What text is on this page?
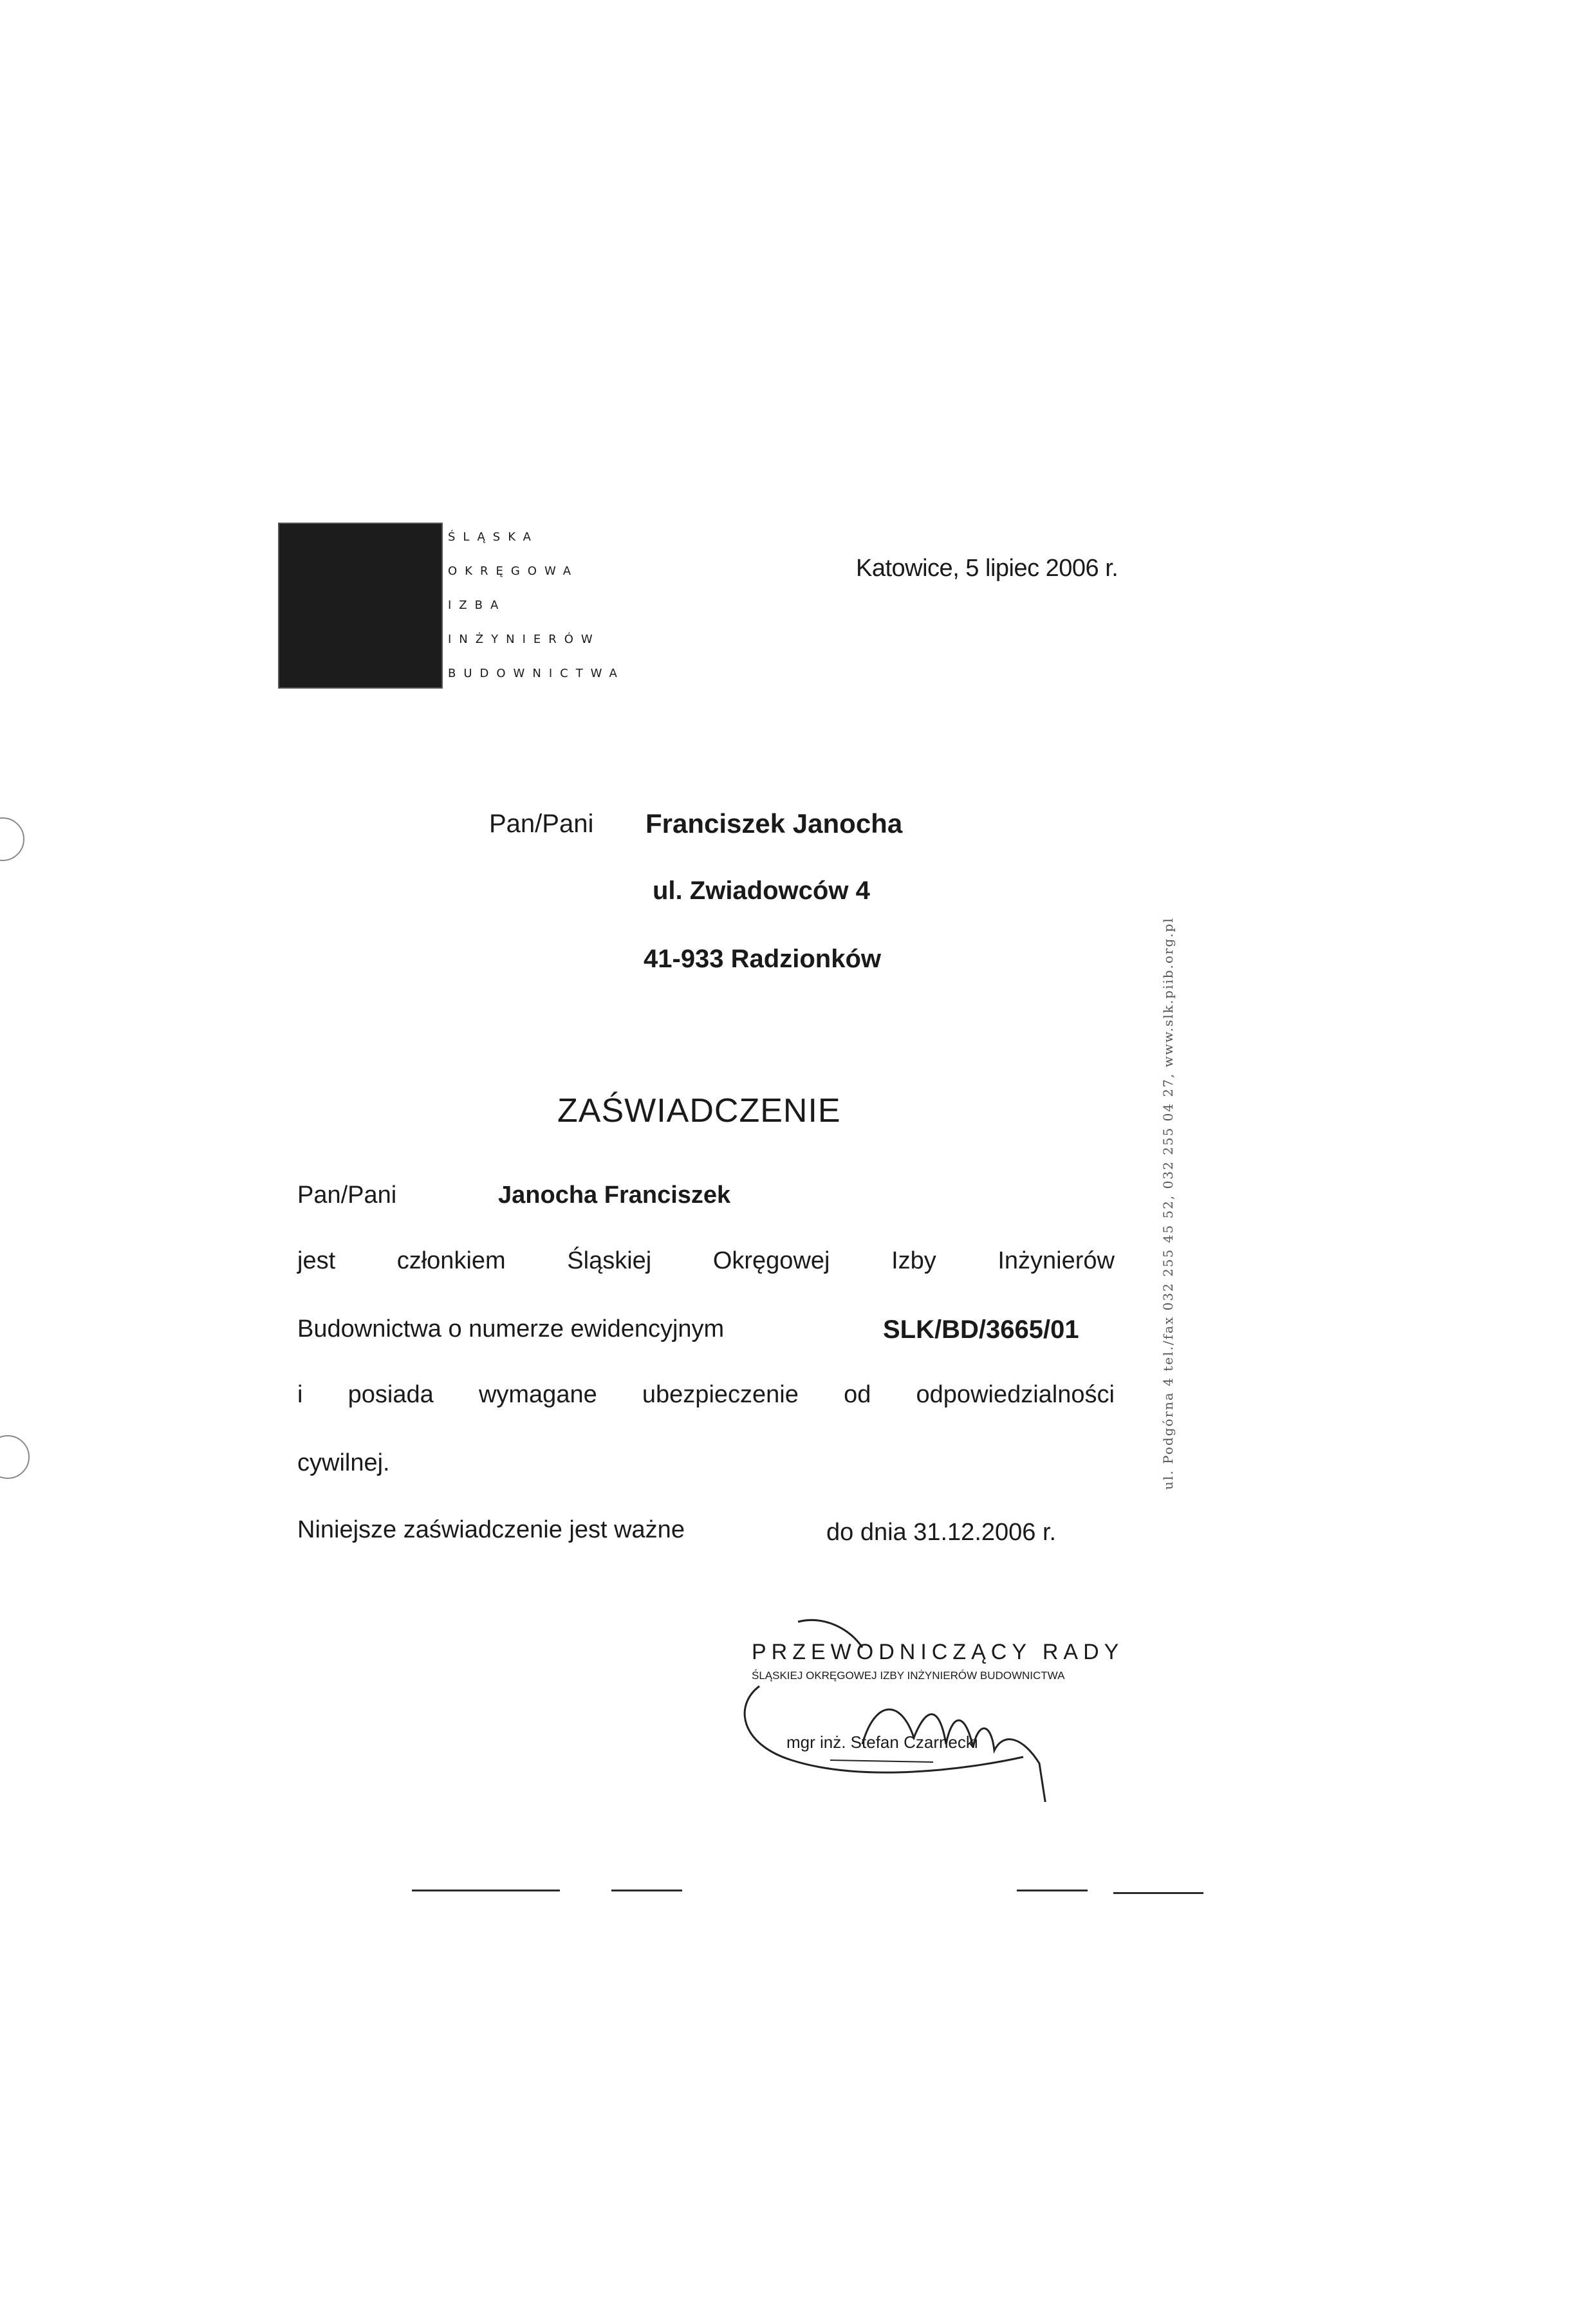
ŚLĄSKA
OKRĘGOWA
IZBA
INŻYNIERÓW
BUDOWNICTWA
Katowice, 5 lipiec 2006 r.
Pan/Pani Franciszek Janocha
ul. Zwiadowców 4
41-933 Radzionków
ZAŚWIADCZENIE
Pan/Pani	Janocha Franciszek
jest	członkiem	Śląskiej	Okręgowej	Izby	Inżynierów
Budownictwa o numerze ewidencyjnym	SLK/BD/3665/01
i posiada wymagane ubezpieczenie od odpowiedzialności
cywilnej.
Niniejsze zaświadczenie jest ważne	do dnia 31.12.2006 r.
PRZEWODNICZĄCY RADY
ŚLĄSKIEJ OKRĘGOWEJ IZBY INŻYNIERÓW BUDOWNICTWA
mgr inż. Stefan Czarnecki
ul. Podgórna 4 tel./fax 032 255 45 52, 032 255 04 27, www.slk.piib.org.pl
